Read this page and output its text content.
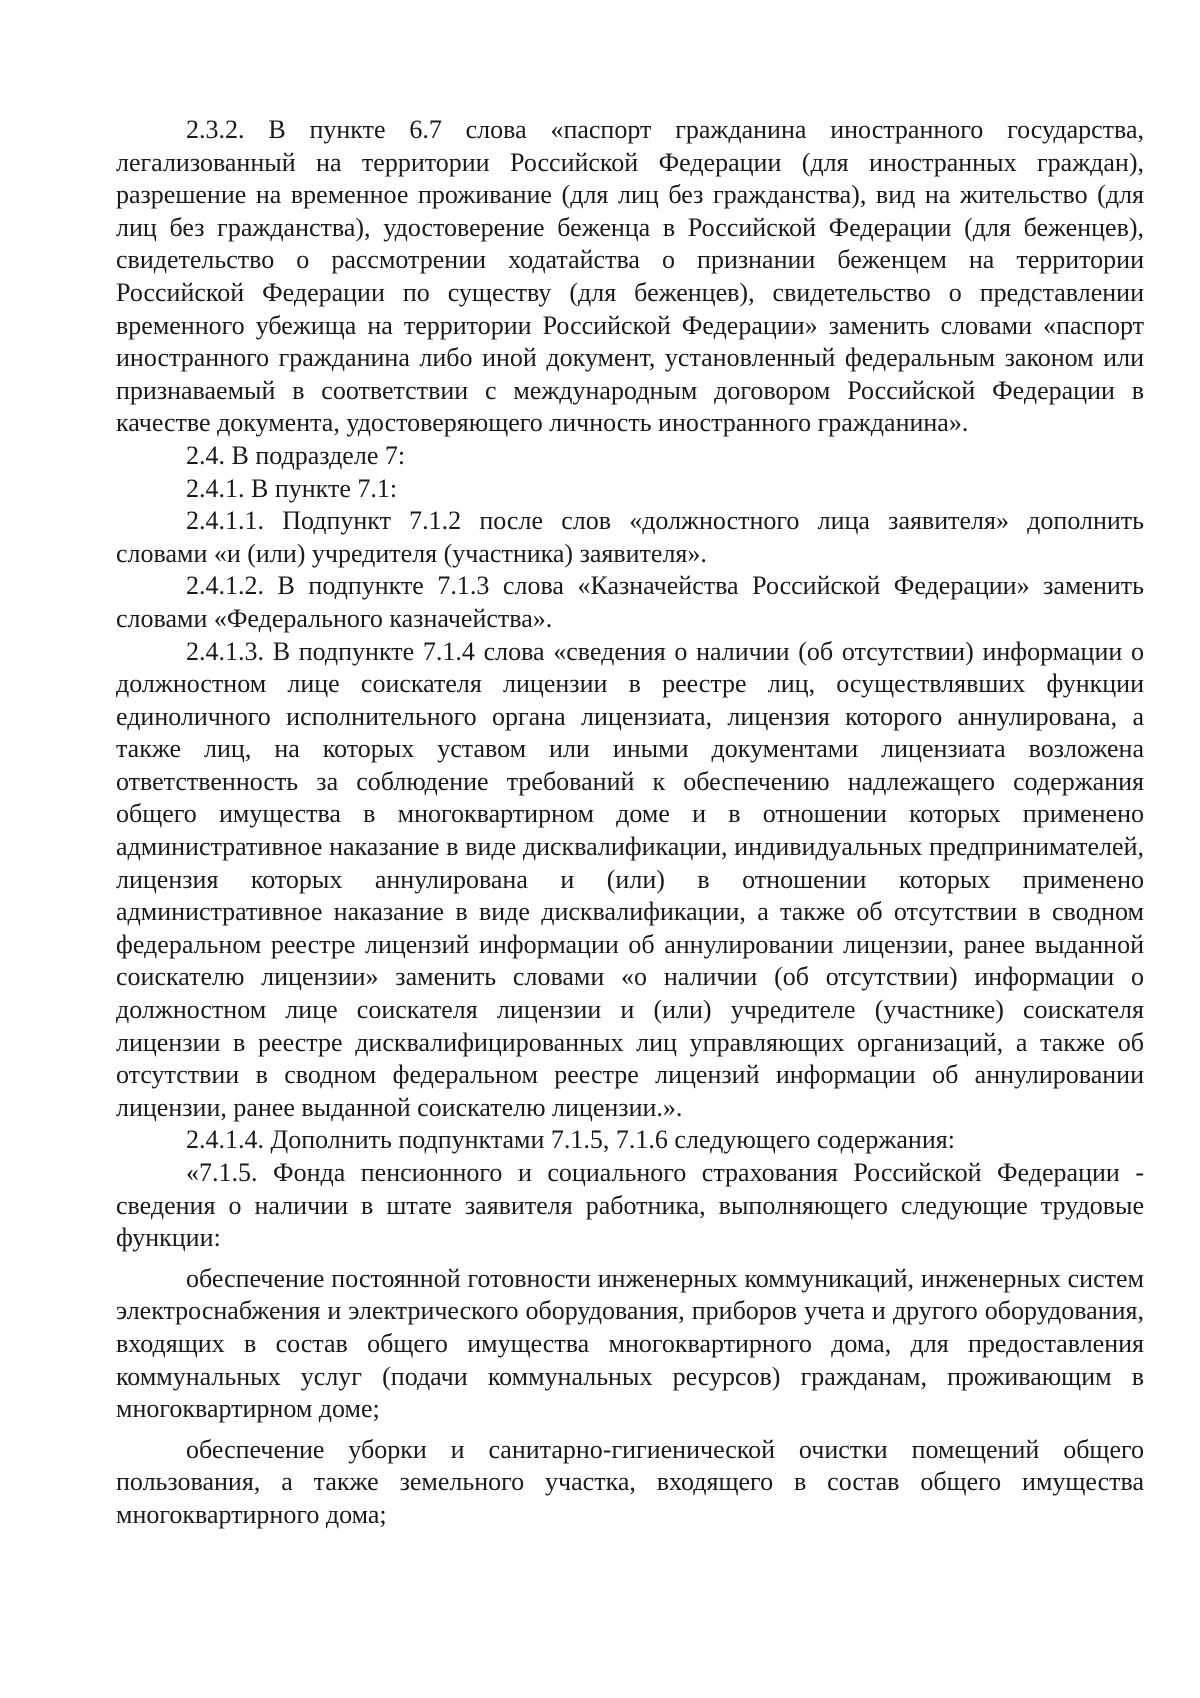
2.3.2. В пункте 6.7 слова «паспорт гражданина иностранного государства, легализованный на территории Российской Федерации (для иностранных граждан), разрешение на временное проживание (для лиц без гражданства), вид на жительство (для лиц без гражданства), удостоверение беженца в Российской Федерации (для беженцев), свидетельство о рассмотрении ходатайства о признании беженцем на территории Российской Федерации по существу (для беженцев), свидетельство о представлении временного убежища на территории Российской Федерации» заменить словами «паспорт иностранного гражданина либо иной документ, установленный федеральным законом или признаваемый в соответствии с международным договором Российской Федерации в качестве документа, удостоверяющего личность иностранного гражданина».

2.4. В подразделе 7:

2.4.1. В пункте 7.1:

2.4.1.1. Подпункт 7.1.2 после слов «должностного лица заявителя» дополнить словами «и (или) учредителя (участника) заявителя».

2.4.1.2. В подпункте 7.1.3 слова «Казначейства Российской Федерации» заменить словами «Федерального казначейства».

2.4.1.3. В подпункте 7.1.4 слова «сведения о наличии (об отсутствии) информации о должностном лице соискателя лицензии в реестре лиц, осуществлявших функции единоличного исполнительного органа лицензиата, лицензия которого аннулирована, а также лиц, на которых уставом или иными документами лицензиата возложена ответственность за соблюдение требований к обеспечению надлежащего содержания общего имущества в многоквартирном доме и в отношении которых применено административное наказание в виде дисквалификации, индивидуальных предпринимателей, лицензия которых аннулирована и (или) в отношении которых применено административное наказание в виде дисквалификации, а также об отсутствии в сводном федеральном реестре лицензий информации об аннулировании лицензии, ранее выданной соискателю лицензии» заменить словами «о наличии (об отсутствии) информации о должностном лице соискателя лицензии и (или) учредителе (участнике) соискателя лицензии в реестре дисквалифицированных лиц управляющих организаций, а также об отсутствии в сводном федеральном реестре лицензий информации об аннулировании лицензии, ранее выданной соискателю лицензии.».

2.4.1.4. Дополнить подпунктами 7.1.5, 7.1.6 следующего содержания:

«7.1.5. Фонда пенсионного и социального страхования Российской Федерации - сведения о наличии в штате заявителя работника, выполняющего следующие трудовые функции:

обеспечение постоянной готовности инженерных коммуникаций, инженерных систем электроснабжения и электрического оборудования, приборов учета и другого оборудования, входящих в состав общего имущества многоквартирного дома, для предоставления коммунальных услуг (подачи коммунальных ресурсов) гражданам, проживающим в многоквартирном доме;

обеспечение уборки и санитарно-гигиенической очистки помещений общего пользования, а также земельного участка, входящего в состав общего имущества многоквартирного дома;
